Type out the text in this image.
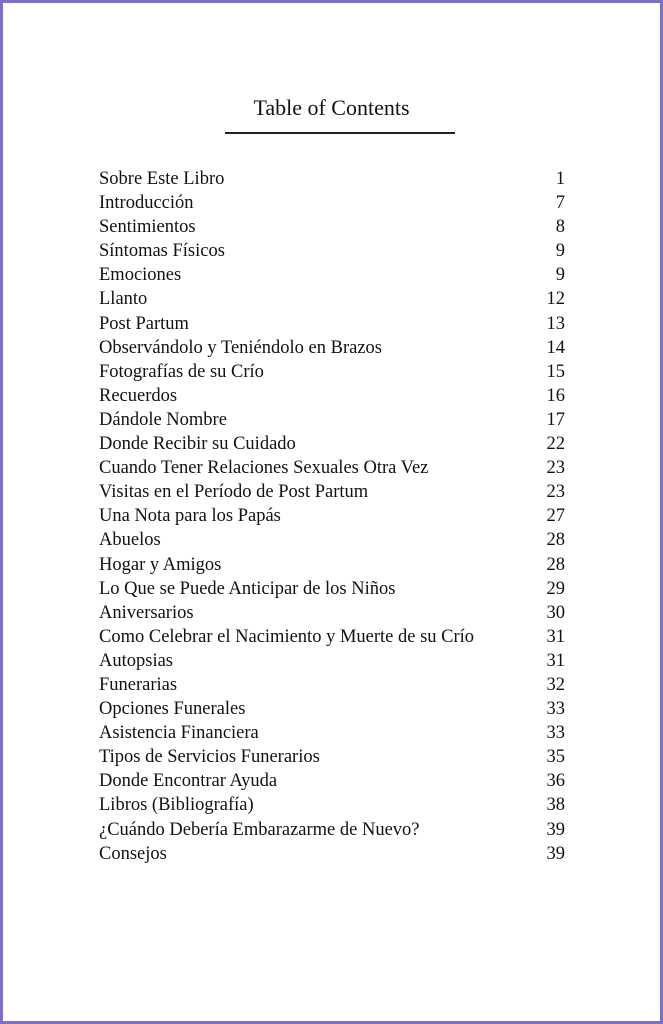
Table of Contents
Sobre Este Libro	1
Introducción	7
Sentimientos	8
Síntomas Físicos	9
Emociones	9
Llanto	12
Post Partum	13
Observándolo y Teniéndolo en Brazos	14
Fotografías de su Crío	15
Recuerdos	16
Dándole Nombre	17
Donde Recibir su Cuidado	22
Cuando Tener Relaciones Sexuales Otra Vez	23
Visitas en el Período de Post Partum	23
Una Nota para los Papás	27
Abuelos	28
Hogar y Amigos	28
Lo Que se Puede Anticipar de los Niños	29
Aniversarios	30
Como Celebrar el Nacimiento y Muerte de su Crío	31
Autopsias	31
Funerarias	32
Opciones Funerales	33
Asistencia Financiera	33
Tipos de Servicios Funerarios	35
Donde Encontrar Ayuda	36
Libros (Bibliografía)	38
¿Cuándo Debería Embarazarme de Nuevo?	39
Consejos	39
